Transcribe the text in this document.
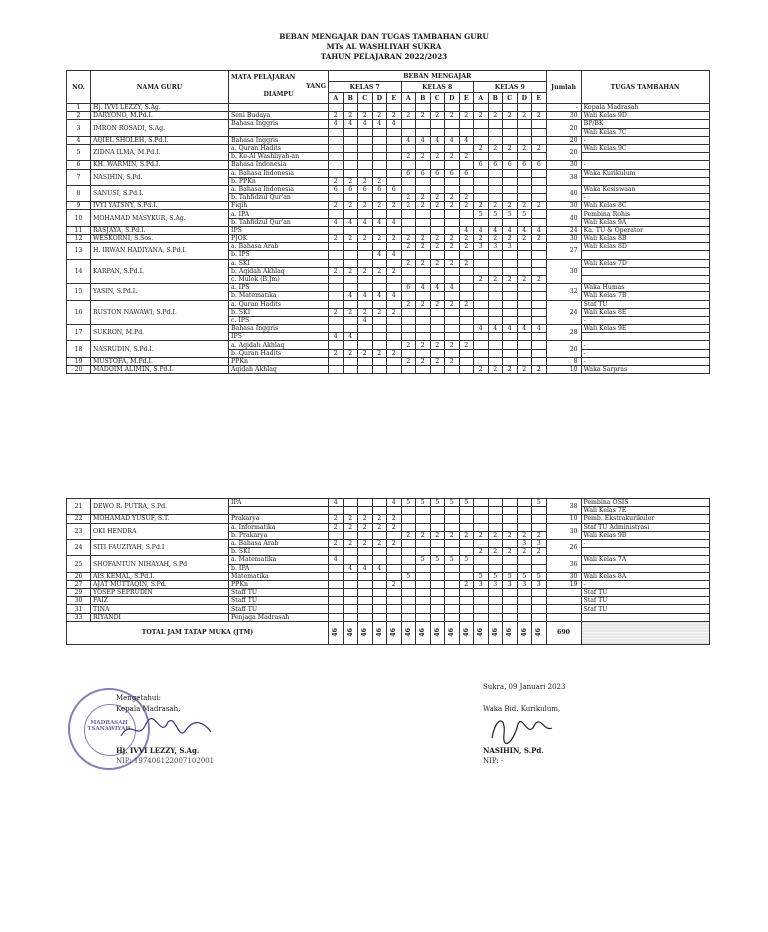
BEBAN MENGAJAR DAN TUGAS TAMBAHAN GURU
MTs AL WASHLIYAH SUKRA
TAHUN PELAJARAN 2022/2023
NO.	NAMA GURU	MATA PELAJARAN
YANG
DIAMPU	BEBAN MENGAJAR															Jumlah	TUGAS TAMBAHAN
			KELAS 7					KELAS 8					KELAS 9						
			A	B	C	D	E	A	B	C	D	E	A	B	C	D	E		
1	Hj. IVVI LEZZY, S.Ag.																	-	Kepala Madrasah
2	DARYONO, M.Pd.I.	Seni Budaya	2	2	2	2	2	2	2	2	2	2	2	2	2	2	2	30	Wali Kelas 9D
3	IMRON ROSADI, S.Ag.	Bahasa Inggris	4	4	4	4	4											20	BP/BK
																			Wali Kelas 7C
4	AQIEL SHOLEH, S.Pd.I.	Bahasa Inggris						4	4	4	4	4						20	-
5	ZIDNA ILMA, M.Pd.I.	a. Quran Hadits											2	2	2	2	2	20	Wali Kelas 9C
		b. Ke-Al Washliyah-an						2	2	2	2	2							
6	KH. WARMIN, S.Pd.I.	Bahasa Indonesia											6	6	6	6	6	30	-
7	NASIHIN, S.Pd.	a. Bahasa Indonesia						6	6	6	6	6						38	Waka Kurikulum
		b. PPKn	2	2	2	2													
8	SANUSI, S.Pd.I.	a. Bahasa Indonesia	6	6	6	6	6											40	Waka Kesiswaan
		b. Tahfidzul Qur'an						2	2	2	2	2							-
9	IVYI YATSNY, S.Pd.I.	Fiqih	2	2	2	2	2	2	2	2	2	2	2	2	2	2	2	30	Wali Kelas 8C
10	MOHAMAD MASYKUR, S.Ag.	a. IPA											5	5	5	5		40	Pembina Rohis
		b. Tahfidzul Qur'an	4	4	4	4	4												Wali Kelas 9A
11	RASJAYA, S.Pd.I.	IPS										4	4	4	4	4	4	24	Ka. TU & Operator
12	WESKORNI, S.Sos.	PJOK	2	2	2	2	2	2	2	2	2	2	2	2	2	2	2	30	Wali Kelas 8B
13	H. IRWAN HADIYANA, S.Pd.I.	a. Bahasa Arab						2	2	2	2	2	3	3	3			27	Wali Kelas 8D
		b. IPS				4	4												
14	KARPAN, S.Pd.I.	a. SKI						2	2	2	2	2						30	Wali Kelas 7D
		b. Aqidah Akhlaq	2	2	2	2	2												
		c. Mulok (B.Jm)											2	2	2	2	2		
15	YASIN, S.Pd.I.	a. IPS						6	4	4	4							32	Waka Humas
		b. Matematika		4	4	4	4												Wali Kelas 7B
16	RUSTON NAWAWI, S.Pd.I.	a. Quran Hadits						2	2	2	2	2						24	Staf TU
		b. SKI	2	2	2	2	2												Wali Kelas 8E
		c. IPS			4														-
17	SUKRON, M.Pd.	Bahasa Inggris											4	4	4	4	4	28	Wali Kelas 9E
		IPS	4	4															
18	NASRUDIN, S.Pd.I.	a. Aqidah Akhlaq						2	2	2	2	2						20	-
		b. Quran Hadits	2	2	2	2	2												-
19	MUSTOFA, M.Pd.I.	PPKn						2	2	2	2							8	-
20	MADOIM ALIMIN, S.Pd.I.	Aqidah Akhlaq											2	2	2	2	2	10	Waka Sarpras
21	DEWO R. PUTRA, S.Pd.	IPA	4				4	5	5	5	5	5					5	38	Pembina OSIS
																			Wali Kelas 7E
22	MOHAMAD YUSUF, S.T.	Prakarya	2	2	2	2	2											10	Pemb. Ekstrakurikuler
23	OKI HENDRA	a. Informatika	2	2	2	2	2											30	Staf TU Administrasi
		b. Prakarya						2	2	2	2	2	2	2	2	2	2		Wali Kelas 9B
24	SITI FAUZIYAH, S.Pd.I	a. Bahasa Arab	2	2	2	2	2									3	3	26	-
		b. SKI											2	2	2	2	2		
25	SHOFANTUN NIHAYAH, S.Pd	a. Matematika	4						5	5	5	5						36	Wali Kelas 7A
		b. IPA		4	4	4													
26	AIS KEMAL, S.Pd.I.	Matematika						5					5	5	5	5	5	30	Wali Kelas 8A
27	AJAT MUTTAQIN, S.Pd.	PPKn					2					2	3	3	3	3	3	19	-
29	YOSEP SEPRUDIN	Staff TU																	Staf TU
30	FAIZ	Staff TU																	Staf TU
31	TINA	Staff TU																	Staf TU
33	RIYANDI	Penjaga Madrasah																	
TOTAL JAM TATAP MUKA (JTM)			46	46	46	46	46	46	46	46	46	46	46	46	46	46	46	690	
MADRASAH
TSANAWIYAH
Mengetahui:
Kepala Madrasah,
Hj. IVVI LEZZY, S.Ag.
NIP: 197406122007102001
Sukra, 09 Januari 2023
Waka Bid. Kurikulum,
NASIHIN, S.Pd.
NIP: -
